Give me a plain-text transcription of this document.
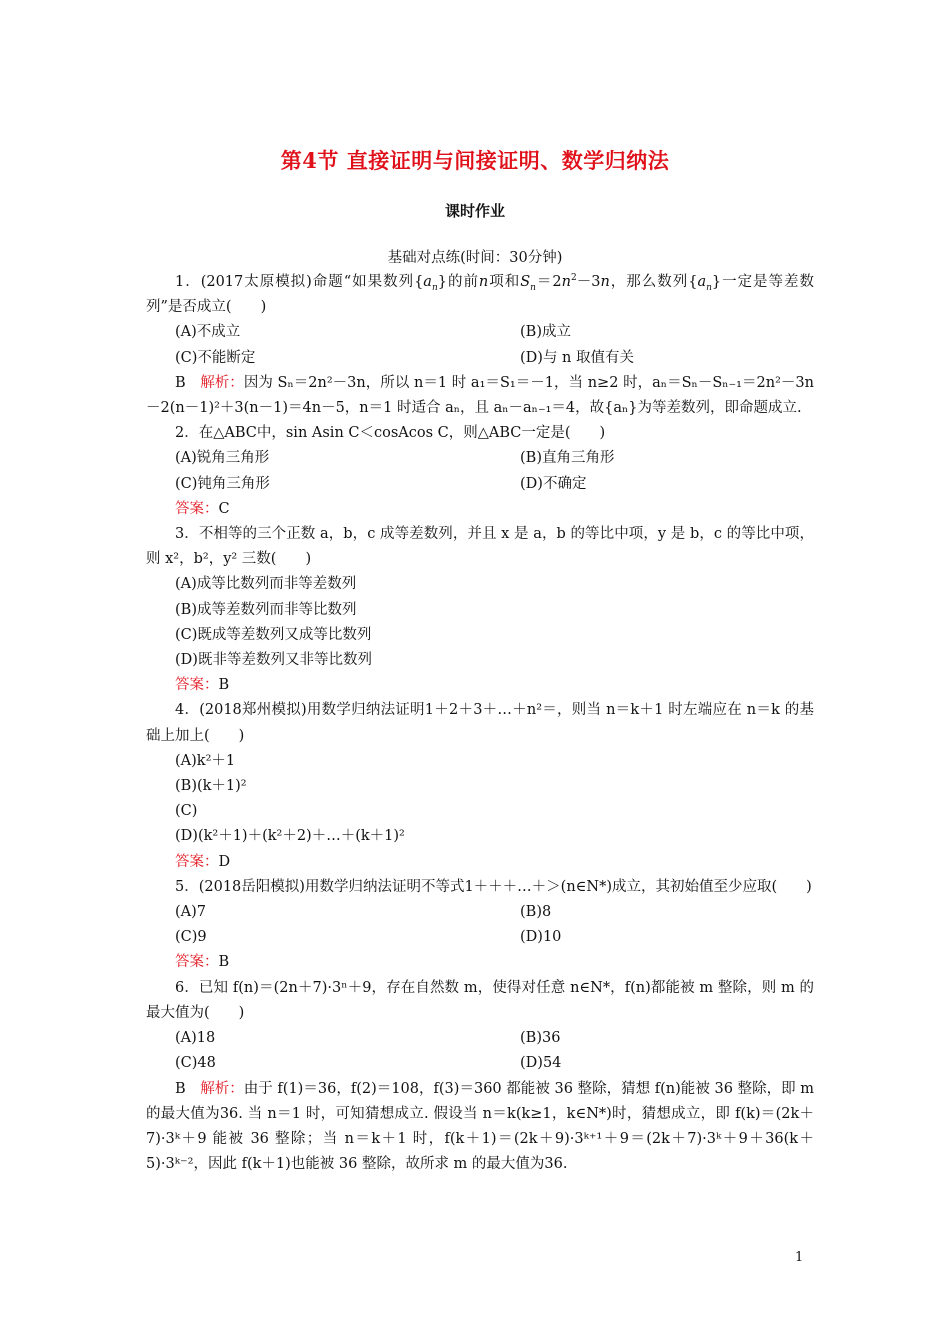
第4节 直接证明与间接证明、数学归纳法
课时作业
基础对点练(时间：30分钟)

1．(2017太原模拟)命题“如果数列$\{a_n\}$的前n项和$S_n=2n^2-3n$，那么数列$\{a_n\}$一定是等差数列”是否成立(　　)

(A)不成立	(B)成立
(C)不能断定	(D)与 n 取值有关

B　 解析：因为 Sₙ＝2n²－3n，所以 n＝1 时 a₁＝S₁＝－1，当 n≥2 时，aₙ＝Sₙ－Sₙ₋₁＝2n²－3n－2(n－1)²＋3(n－1)＝4n－5，n＝1 时适合 aₙ，且 aₙ－aₙ₋₁＝4，故{aₙ}为等差数列，即命题成立.

2．在△ABC中，sin Asin C＜cosAcos C，则△ABC一定是(　　)

(A)锐角三角形	(B)直角三角形
(C)钝角三角形	(D)不确定

答案：C

3．不相等的三个正数 a，b，c 成等差数列，并且 x 是 a，b 的等比中项，y 是 b，c 的等比中项，则 x²，b²，y² 三数(　　)

(A)成等比数列而非等差数列

(B)成等差数列而非等比数列

(C)既成等差数列又成等比数列

(D)既非等差数列又非等比数列

答案：B

4．(2018郑州模拟)用数学归纳法证明1＋2＋3＋…＋n²＝，则当 n＝k＋1 时左端应在 n＝k 的基础上加上(　　)

(A)k²＋1

(B)(k＋1)²

(C)

(D)(k²＋1)＋(k²＋2)＋…＋(k＋1)²

答案：D

5．(2018岳阳模拟)用数学归纳法证明不等式1＋＋＋…＋＞(n∈N*)成立，其初始值至少应取(　　)

(A)7	(B)8
(C)9	(D)10

答案：B

6．已知 f(n)＝(2n＋7)·3ⁿ＋9，存在自然数 m，使得对任意 n∈N*，f(n)都能被 m 整除，则 m 的最大值为(　　)

(A)18	(B)36
(C)48	(D)54

B　 解析：由于 f(1)＝36，f(2)＝108，f(3)＝360 都能被 36 整除，猜想 f(n)能被 36 整除，即 m 的最大值为36. 当 n＝1 时，可知猜想成立. 假设当 n＝k(k≥1，k∈N*)时，猜想成立，即 f(k)＝(2k＋7)·3ᵏ＋9 能被 36 整除；当 n＝k＋1 时，f(k＋1)＝(2k＋9)·3ᵏ⁺¹＋9＝(2k＋7)·3ᵏ＋9＋36(k＋5)·3ᵏ⁻²，因此 f(k＋1)也能被 36 整除，故所求 m 的最大值为36.

1
